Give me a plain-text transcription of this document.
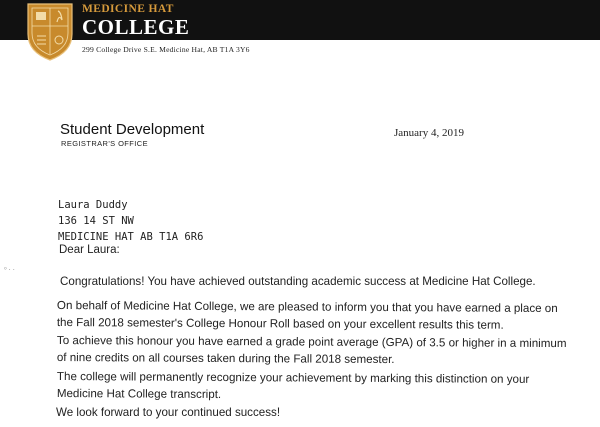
MEDICINE HAT
COLLEGE
299 College Drive S.E. Medicine Hat, AB T1A 3Y6
Student Development
REGISTRAR'S OFFICE
January 4, 2019
Laura Duddy
136 14 ST NW
MEDICINE HAT AB T1A 6R6
Dear Laura:
° · ·
Congratulations! You have achieved outstanding academic success at Medicine Hat College.
On behalf of Medicine Hat College, we are pleased to inform you that you have earned a place on
the Fall 2018 semester's College Honour Roll based on your excellent results this term.
To achieve this honour you have earned a grade point average (GPA) of 3.5 or higher in a minimum
of nine credits on all courses taken during the Fall 2018 semester.
The college will permanently recognize your achievement by marking this distinction on your
Medicine Hat College transcript.
We look forward to your continued success!
